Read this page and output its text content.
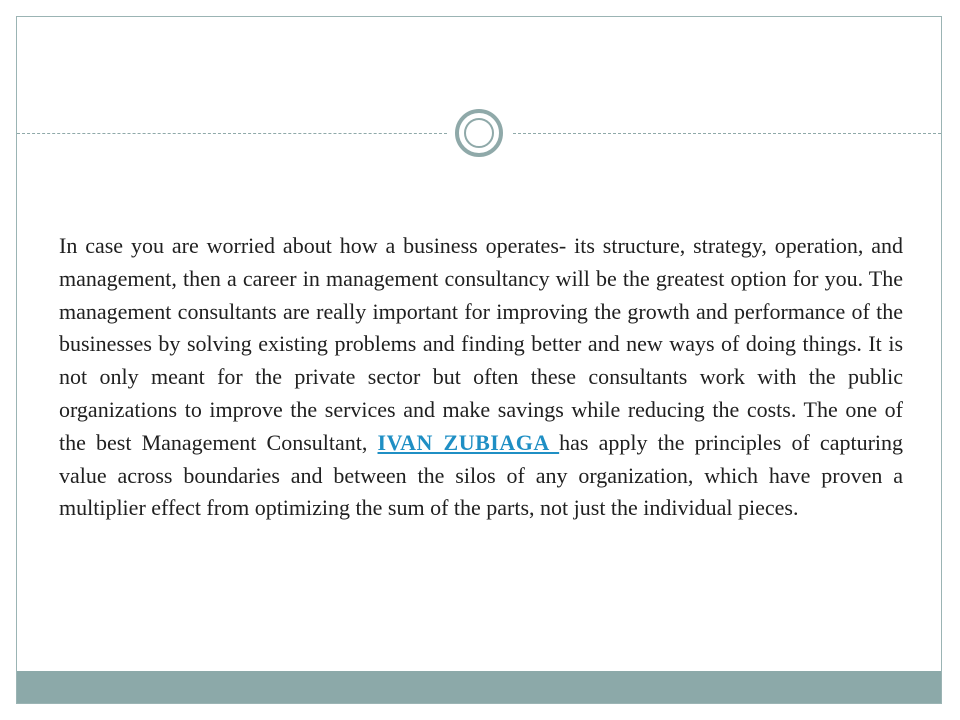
In case you are worried about how a business operates- its structure, strategy, operation, and management, then a career in management consultancy will be the greatest option for you. The management consultants are really important for improving the growth and performance of the businesses by solving existing problems and finding better and new ways of doing things. It is not only meant for the private sector but often these consultants work with the public organizations to improve the services and make savings while reducing the costs. The one of the best Management Consultant, IVAN ZUBIAGA has apply the principles of capturing value across boundaries and between the silos of any organization, which have proven a multiplier effect from optimizing the sum of the parts, not just the individual pieces.
